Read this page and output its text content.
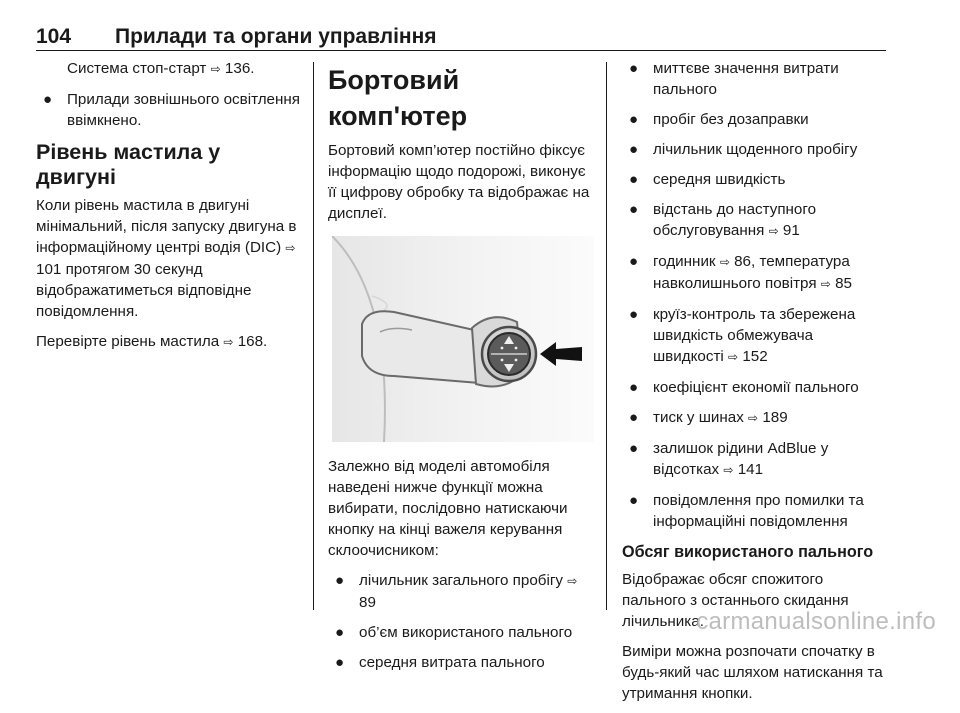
104 Прилади та органи управління

Система стоп-старт ⇨ 136.

● Прилади зовнішнього освітлення ввімкнено.
Рівень мастила у двигуні

Коли рівень мастила в двигуні мінімальний, після запуску двигуна в інформаційному центрі водія (DIC) ⇨ 101 протягом 30 секунд відображатиметься відповідне повідомлення.

Перевірте рівень мастила ⇨ 168.

Бортовий комп'ютер

Бортовий комп’ютер постійно фіксує інформацію щодо подорожі, виконує її цифрову обробку та відображає на дисплеї.

Залежно від моделі автомобіля наведені нижче функції можна вибирати, послідовно натискаючи кнопку на кінці важеля керування склоочисником:

● лічильник загального пробігу ⇨ 89
● об’єм використаного пального
● середня витрата пального
● миттєве значення витрати пального
● пробіг без дозаправки
● лічильник щоденного пробігу
● середня швидкість
● відстань до наступного обслуговування ⇨ 91
● годинник ⇨ 86, температура навколишнього повітря ⇨ 85
● круїз-контроль та збережена швидкість обмежувача швидкості ⇨ 152
● коефіцієнт економії пального
● тиск у шинах ⇨ 189
● залишок рідини AdBlue у відсотках ⇨ 141
● повідомлення про помилки та інформаційні повідомлення
Обсяг використаного пального

Відображає обсяг спожитого пального з останнього скидання лічильника.

Виміри можна розпочати спочатку в будь-який час шляхом натискання та утримання кнопки.

carmanualsonline.info
